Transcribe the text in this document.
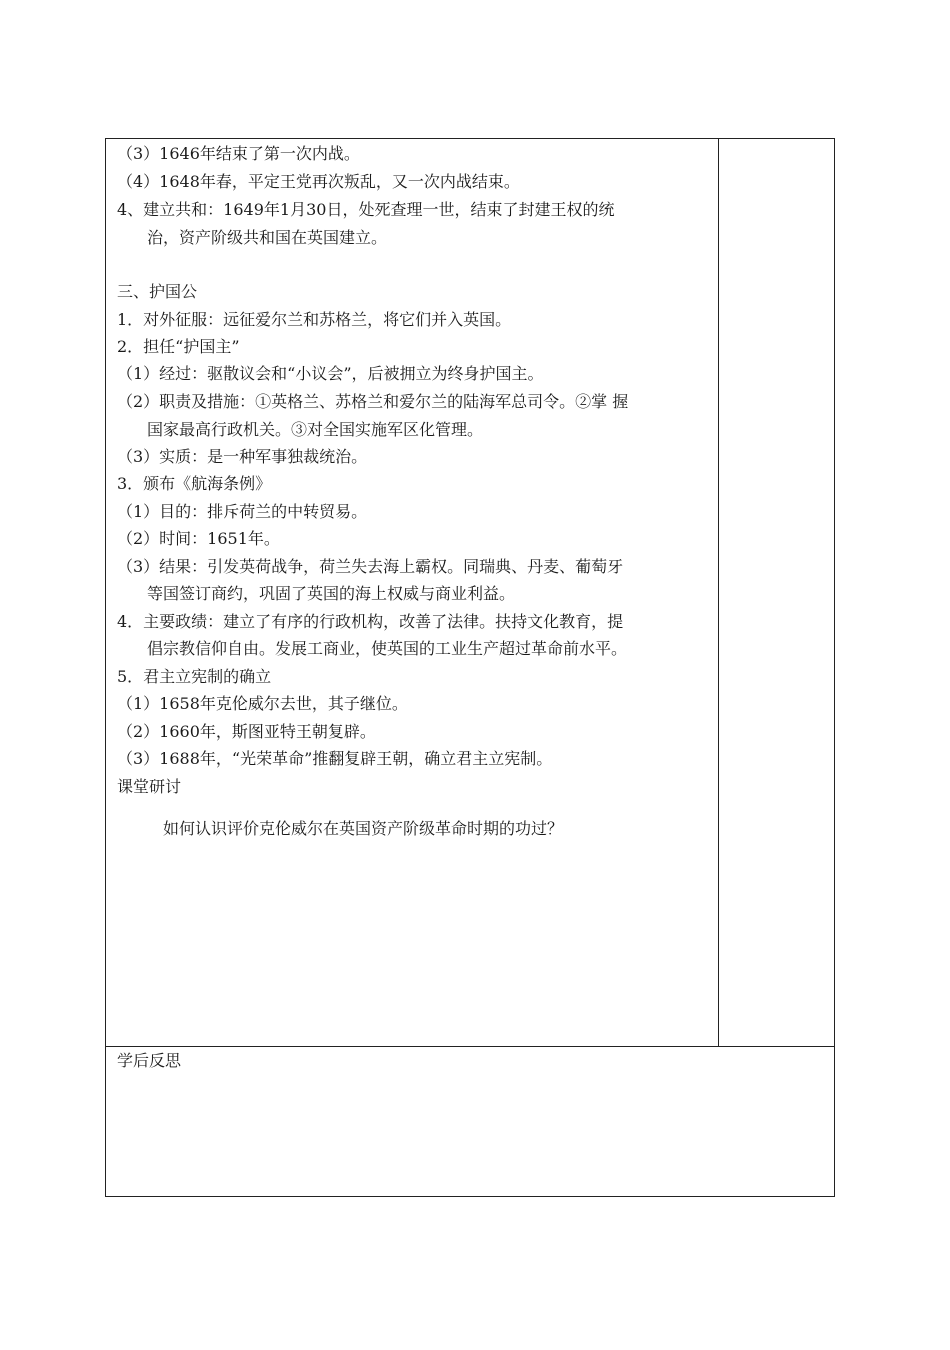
（3）1646年结束了第一次内战。
（4）1648年春，平定王党再次叛乱，又一次内战结束。
4、建立共和：1649年1月30日，处死查理一世，结束了封建王权的统
治，资产阶级共和国在英国建立。
三、护国公
1．对外征服：远征爱尔兰和苏格兰，将它们并入英国。
2．担任“护国主”
（1）经过：驱散议会和“小议会”，后被拥立为终身护国主。
（2）职责及措施：①英格兰、苏格兰和爱尔兰的陆海军总司令。②掌 握
国家最高行政机关。③对全国实施军区化管理。
（3）实质：是一种军事独裁统治。
3．颁布《航海条例》
（1）目的：排斥荷兰的中转贸易。
（2）时间：1651年。
（3）结果：引发英荷战争，荷兰失去海上霸权。同瑞典、丹麦、葡萄牙
等国签订商约，巩固了英国的海上权威与商业利益。
4．主要政绩：建立了有序的行政机构，改善了法律。扶持文化教育，提
倡宗教信仰自由。发展工商业，使英国的工业生产超过革命前水平。
5．君主立宪制的确立
（1）1658年克伦威尔去世，其子继位。
（2）1660年，斯图亚特王朝复辟。
（3）1688年，“光荣革命”推翻复辟王朝，确立君主立宪制。
课堂研讨
如何认识评价克伦威尔在英国资产阶级革命时期的功过？
学后反思
